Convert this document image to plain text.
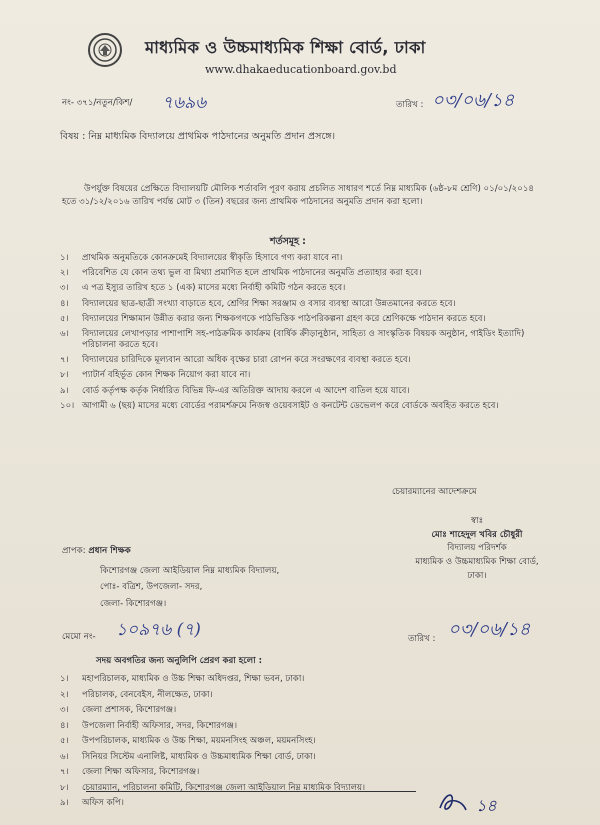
মাধ্যমিক ও উচ্চমাধ্যমিক শিক্ষা বোর্ড, ঢাকা
www.dhakaeducationboard.gov.bd
নং- ৩৭১/নতুন/কিশ/ ৭৬৯৬	তারিখ : ০৩/০৬/১৪
বিষয় : নিম্ন মাধ্যমিক বিদ্যালয়ে প্রাথমিক পাঠদানের অনুমতি প্রদান প্রসঙ্গে।
উপর্যুক্ত বিষয়ের প্রেক্ষিতে বিদ্যালয়টি মৌলিক শর্তাবলি পূরণ করায় প্রচলিত সাধারণ শর্তে নিম্ন মাধ্যমিক (৬ষ্ঠ-৮ম শ্রেণি) ০১/০১/২০১৪ হতে ৩১/১২/২০১৬ তারিখ পর্যন্ত মোট ৩ (তিন) বছরের জন্য প্রাথমিক পাঠদানের অনুমতি প্রদান করা হলো।
শর্তসমূহ :
১।	প্রাথমিক অনুমতিকে কোনক্রমেই বিদ্যালয়ের স্বীকৃতি হিসাবে গণ্য করা যাবে না।
২।	পরিবেশিত যে কোন তথ্য ভুল বা মিথ্যা প্রমাণিত হলে প্রাথমিক পাঠদানের অনুমতি প্রত্যাহার করা হবে।
৩।	এ পত্র ইস্যুর তারিখ হতে ১ (এক) মাসের মধ্যে নির্বাহী কমিটি গঠন করতে হবে।
৪।	বিদ্যালয়ের ছাত্র-ছাত্রী সংখ্যা বাড়াতে হবে, শ্রেণির শিক্ষা সরঞ্জাম ও বসার ব্যবস্থা আরো উন্নতমানের করতে হবে।
৫।	বিদ্যালয়ের শিক্ষামান উন্নীত করার জন্য শিক্ষকগণকে পাঠভিত্তিক পাঠপরিকল্পনা গ্রহণ করে শ্রেণিকক্ষে পাঠদান করতে হবে।
৬।	বিদ্যালয়ের লেখাপড়ার পাশাপাশি সহ-পাঠক্রমিক কার্যক্রম (বার্ষিক ক্রীড়ানুষ্ঠান, সাহিত্য ও সাংস্কৃতিক বিষয়ক অনুষ্ঠান, গাইডিং ইত্যাদি) পরিচালনা করতে হবে।
৭।	বিদ্যালয়ের চারিদিকে মূল্যবান আরো অধিক বৃক্ষের চারা রোপন করে সংরক্ষণের ব্যবস্থা করতে হবে।
৮।	প্যাটার্ন বহির্ভূত কোন শিক্ষক নিয়োগ করা যাবে না।
৯।	বোর্ড কর্তৃপক্ষ কর্তৃক নির্ধারিত বিভিন্ন ফি-এর অতিরিক্ত আদায় করলে এ আদেশ বাতিল হয়ে যাবে।
১০। আগামী ৬ (ছয়) মাসের মধ্যে বোর্ডের পরামর্শক্রমে নিজস্ব ওয়েবসাইট ও কনটেন্ট ডেভেলপ করে বোর্ডকে অবহিত করতে হবে।
চেয়ারম্যানের আদেশক্রমে
স্বাঃ
মোঃ শাহেদুল খবির চৌধুরী
বিদ্যালয় পরিদর্শক
মাধ্যমিক ও উচ্চমাধ্যমিক শিক্ষা বোর্ড,
ঢাকা।
প্রাপক: প্রধান শিক্ষক
কিশোরগঞ্জ জেলা আইডিয়াল নিম্ন মাধ্যমিক বিদ্যালয়,
পোঃ- বত্রিশ, উপজেলা- সদর,
জেলা- কিশোরগঞ্জ।
মেমো নং- ১০৯৭৬ (৭)	তারিখ : ০৩/০৬/১৪
সদয় অবগতির জন্য অনুলিপি প্রেরণ করা হলো :
১।	মহাপরিচালক, মাধ্যমিক ও উচ্চ শিক্ষা অধিদপ্তর, শিক্ষা ভবন, ঢাকা।
২।	পরিচালক, বেনবেইস, নীলক্ষেত, ঢাকা।
৩।	জেলা প্রশাসক, কিশোরগঞ্জ।
৪।	উপজেলা নির্বাহী অফিসার, সদর, কিশোরগঞ্জ।
৫।	উপপরিচালক, মাধ্যমিক ও উচ্চ শিক্ষা, ময়মনসিংহ অঞ্চল, ময়মনসিংহ।
৬।	সিনিয়র সিস্টেম এনালিষ্ট, মাধ্যমিক ও উচ্চমাধ্যমিক শিক্ষা বোর্ড, ঢাকা।
৭।	জেলা শিক্ষা অফিসার, কিশোরগঞ্জ।
৮।	চেয়ারম্যান, পরিচালনা কমিটি, কিশোরগঞ্জ জেলা আইডিয়াল নিম্ন মাধ্যমিক বিদ্যালয়।
৯।	অফিস কপি।	১৪
